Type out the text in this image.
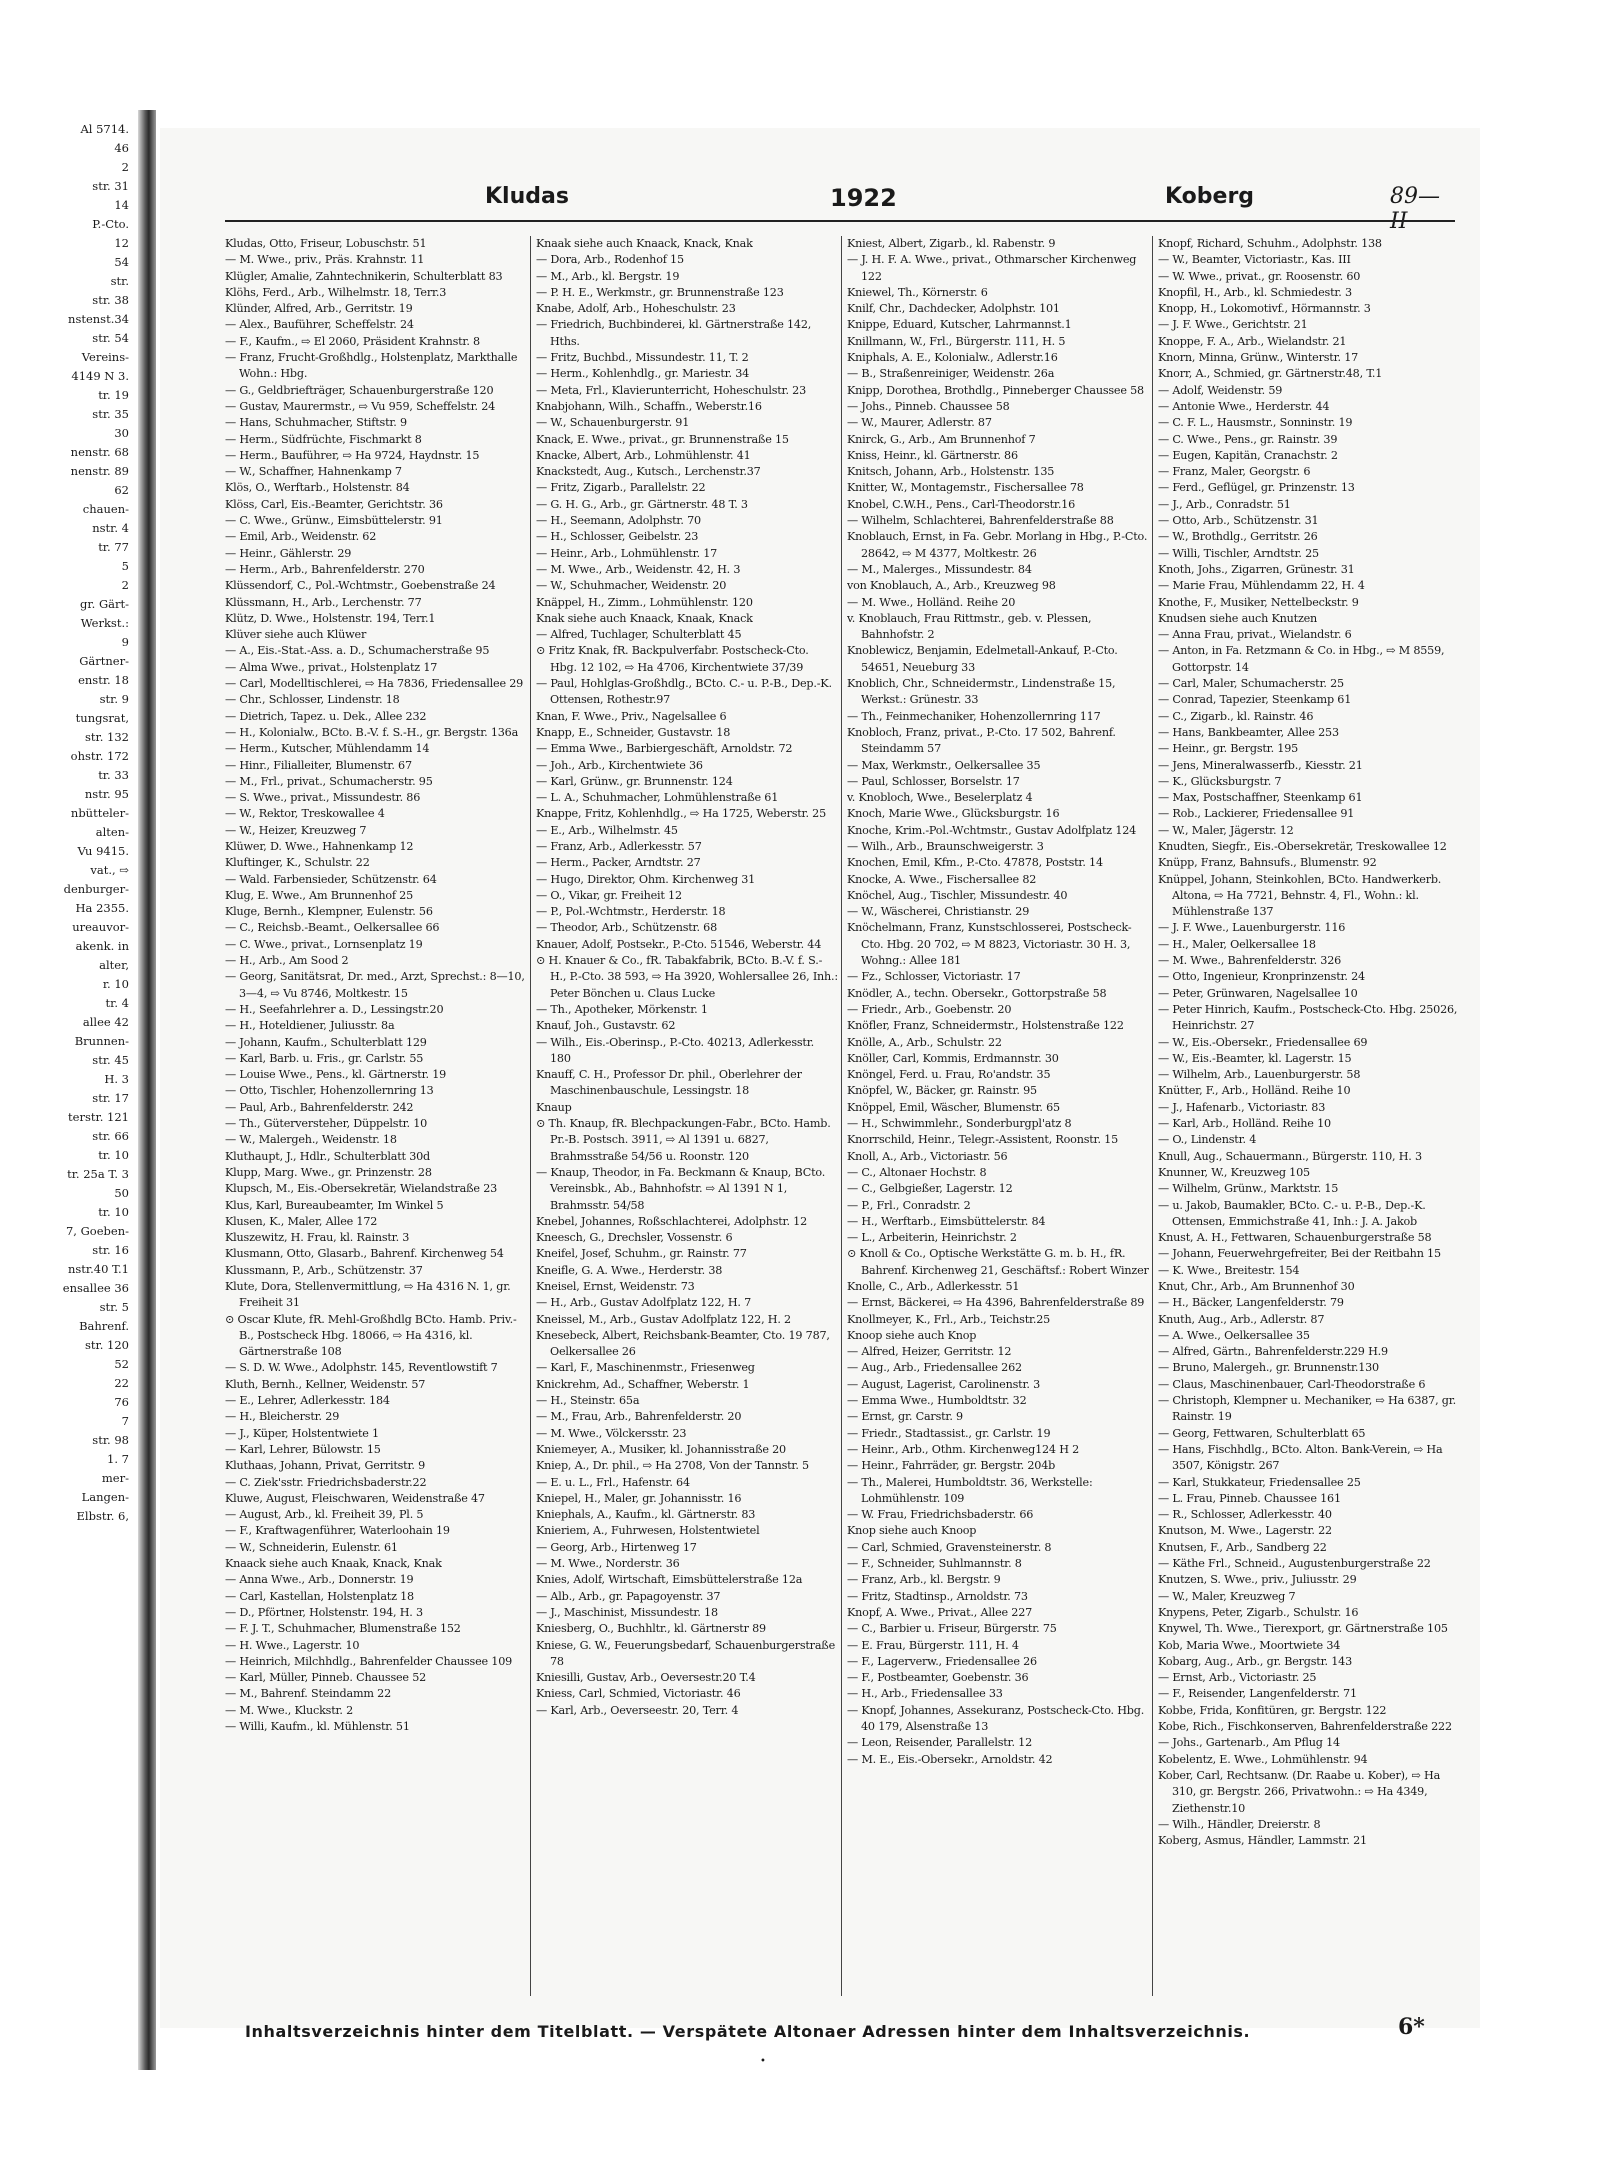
Al 5714.
46
2
str. 31
14
P.-Cto.
12
54
str.
str. 38
nstenst.34
str. 54
Vereins-
4149 N 3.
tr. 19
str. 35
30
nenstr. 68
nenstr. 89
62
chauen-
nstr. 4
tr. 77
5
2
gr. Gärt-
Werkst.:
9
Gärtner-
enstr. 18
str. 9
tungsrat,
str. 132
ohstr. 172
tr. 33
nstr. 95
nbütteler-
alten-
Vu 9415.
vat., ⇨
denburger-
Ha 2355.
ureauvor-
akenk. in
alter,
r. 10
tr. 4
allee 42
Brunnen-
str. 45
H. 3
str. 17
terstr. 121
str. 66
tr. 10
tr. 25a T. 3
50
tr. 10
7, Goeben-
str. 16
nstr.40 T.1
ensallee 36
str. 5
Bahrenf.
str. 120
52
22
76
7
str. 98
1. 7
mer-
Langen-
Elbstr. 6,
Kludas	1922	Koberg	89—II

Kludas, Otto, Friseur, Lobuschstr. 51

— M. Wwe., priv., Präs. Krahnstr. 11

Klügler, Amalie, Zahntechnikerin, Schulterblatt 83

Klöhs, Ferd., Arb., Wilhelmstr. 18, Terr.3

Klünder, Alfred, Arb., Gerritstr. 19

— Alex., Bauführer, Scheffelstr. 24

— F., Kaufm., ⇨ El 2060, Präsident Krahnstr. 8

— Franz, Frucht-Großhdlg., Holstenplatz, Markthalle Wohn.: Hbg.

— G., Geldbriefträger, Schauenburgerstraße 120

— Gustav, Maurermstr., ⇨ Vu 959, Scheffelstr. 24

— Hans, Schuhmacher, Stiftstr. 9

— Herm., Südfrüchte, Fischmarkt 8

— Herm., Bauführer, ⇨ Ha 9724, Haydnstr. 15

— W., Schaffner, Hahnenkamp 7

Klös, O., Werftarb., Holstenstr. 84

Klöss, Carl, Eis.-Beamter, Gerichtstr. 36

— C. Wwe., Grünw., Eimsbüttelerstr. 91

— Emil, Arb., Weidenstr. 62

— Heinr., Gählerstr. 29

— Herm., Arb., Bahrenfelderstr. 270

Klüssendorf, C., Pol.-Wchtmstr., Goebenstraße 24

Klüssmann, H., Arb., Lerchenstr. 77

Klütz, D. Wwe., Holstenstr. 194, Terr.1

Klüver siehe auch Klüwer

— A., Eis.-Stat.-Ass. a. D., Schumacherstraße 95

— Alma Wwe., privat., Holstenplatz 17

— Carl, Modelltischlerei, ⇨ Ha 7836, Friedensallee 29

— Chr., Schlosser, Lindenstr. 18

— Dietrich, Tapez. u. Dek., Allee 232

— H., Kolonialw., BCto. B.-V. f. S.-H., gr. Bergstr. 136a

— Herm., Kutscher, Mühlendamm 14

— Hinr., Filialleiter, Blumenstr. 67

— M., Frl., privat., Schumacherstr. 95

— S. Wwe., privat., Missundestr. 86

— W., Rektor, Treskowallee 4

— W., Heizer, Kreuzweg 7

Klüwer, D. Wwe., Hahnenkamp 12

Kluftinger, K., Schulstr. 22

— Wald. Farbensieder, Schützenstr. 64

Klug, E. Wwe., Am Brunnenhof 25

Kluge, Bernh., Klempner, Eulenstr. 56

— C., Reichsb.-Beamt., Oelkersallee 66

— C. Wwe., privat., Lornsenplatz 19

— H., Arb., Am Sood 2

— Georg, Sanitätsrat, Dr. med., Arzt, Sprechst.: 8—10, 3—4, ⇨ Vu 8746, Moltkestr. 15

— H., Seefahrlehrer a. D., Lessingstr.20

— H., Hoteldiener, Juliusstr. 8a

— Johann, Kaufm., Schulterblatt 129

— Karl, Barb. u. Fris., gr. Carlstr. 55

— Louise Wwe., Pens., kl. Gärtnerstr. 19

— Otto, Tischler, Hohenzollernring 13

— Paul, Arb., Bahrenfelderstr. 242

— Th., Güterversteher, Düppelstr. 10

— W., Malergeh., Weidenstr. 18

Kluthaupt, J., Hdlr., Schulterblatt 30d

Klupp, Marg. Wwe., gr. Prinzenstr. 28

Klupsch, M., Eis.-Obersekretär, Wielandstraße 23

Klus, Karl, Bureaubeamter, Im Winkel 5

Klusen, K., Maler, Allee 172

Kluszewitz, H. Frau, kl. Rainstr. 3

Klusmann, Otto, Glasarb., Bahrenf. Kirchenweg 54

Klussmann, P., Arb., Schützenstr. 37

Klute, Dora, Stellenvermittlung, ⇨ Ha 4316 N. 1, gr. Freiheit 31

⊙ Oscar Klute, fR. Mehl-Großhdlg BCto. Hamb. Priv.-B., Postscheck Hbg. 18066, ⇨ Ha 4316, kl. Gärtnerstraße 108

— S. D. W. Wwe., Adolphstr. 145, Reventlowstift 7

Kluth, Bernh., Kellner, Weidenstr. 57

— E., Lehrer, Adlerkesstr. 184

— H., Bleicherstr. 29

— J., Küper, Holstentwiete 1

— Karl, Lehrer, Bülowstr. 15

Kluthaas, Johann, Privat, Gerritstr. 9

— C. Ziek'sstr. Friedrichsbaderstr.22

Kluwe, August, Fleischwaren, Weidenstraße 47

— August, Arb., kl. Freiheit 39, Pl. 5

— F., Kraftwagenführer, Waterloohain 19

— W., Schneiderin, Eulenstr. 61

Knaack siehe auch Knaak, Knack, Knak

— Anna Wwe., Arb., Donnerstr. 19

— Carl, Kastellan, Holstenplatz 18

— D., Pförtner, Holstenstr. 194, H. 3

— F. J. T., Schuhmacher, Blumenstraße 152

— H. Wwe., Lagerstr. 10

— Heinrich, Milchhdlg., Bahrenfelder Chaussee 109

— Karl, Müller, Pinneb. Chaussee 52

— M., Bahrenf. Steindamm 22

— M. Wwe., Kluckstr. 2

— Willi, Kaufm., kl. Mühlenstr. 51

Knaak siehe auch Knaack, Knack, Knak

— Dora, Arb., Rodenhof 15

— M., Arb., kl. Bergstr. 19

— P. H. E., Werkmstr., gr. Brunnenstraße 123

Knabe, Adolf, Arb., Hoheschulstr. 23

— Friedrich, Buchbinderei, kl. Gärtnerstraße 142, Hths.

— Fritz, Buchbd., Missundestr. 11, T. 2

— Herm., Kohlenhdlg., gr. Mariestr. 34

— Meta, Frl., Klavierunterricht, Hoheschulstr. 23

Knabjohann, Wilh., Schaffn., Weberstr.16

— W., Schauenburgerstr. 91

Knack, E. Wwe., privat., gr. Brunnenstraße 15

Knacke, Albert, Arb., Lohmühlenstr. 41

Knackstedt, Aug., Kutsch., Lerchenstr.37

— Fritz, Zigarb., Parallelstr. 22

— G. H. G., Arb., gr. Gärtnerstr. 48 T. 3

— H., Seemann, Adolphstr. 70

— H., Schlosser, Geibelstr. 23

— Heinr., Arb., Lohmühlenstr. 17

— M. Wwe., Arb., Weidenstr. 42, H. 3

— W., Schuhmacher, Weidenstr. 20

Knäppel, H., Zimm., Lohmühlenstr. 120

Knak siehe auch Knaack, Knaak, Knack

— Alfred, Tuchlager, Schulterblatt 45

⊙ Fritz Knak, fR. Backpulverfabr. Postscheck-Cto. Hbg. 12 102, ⇨ Ha 4706, Kirchentwiete 37/39

— Paul, Hohlglas-Großhdlg., BCto. C.- u. P.-B., Dep.-K. Ottensen, Rothestr.97

Knan, F. Wwe., Priv., Nagelsallee 6

Knapp, E., Schneider, Gustavstr. 18

— Emma Wwe., Barbiergeschäft, Arnoldstr. 72

— Joh., Arb., Kirchentwiete 36

— Karl, Grünw., gr. Brunnenstr. 124

— L. A., Schuhmacher, Lohmühlenstraße 61

Knappe, Fritz, Kohlenhdlg., ⇨ Ha 1725, Weberstr. 25

— E., Arb., Wilhelmstr. 45

— Franz, Arb., Adlerkesstr. 57

— Herm., Packer, Arndtstr. 27

— Hugo, Direktor, Ohm. Kirchenweg 31

— O., Vikar, gr. Freiheit 12

— P., Pol.-Wchtmstr., Herderstr. 18

— Theodor, Arb., Schützenstr. 68

Knauer, Adolf, Postsekr., P.-Cto. 51546, Weberstr. 44

⊙ H. Knauer & Co., fR. Tabakfabrik, BCto. B.-V. f. S.-H., P.-Cto. 38 593, ⇨ Ha 3920, Wohlersallee 26, Inh.: Peter Bönchen u. Claus Lucke

— Th., Apotheker, Mörkenstr. 1

Knauf, Joh., Gustavstr. 62

— Wilh., Eis.-Oberinsp., P.-Cto. 40213, Adlerkesstr. 180

Knauff, C. H., Professor Dr. phil., Oberlehrer der Maschinenbauschule, Lessingstr. 18

Knaup

⊙ Th. Knaup, fR. Blechpackungen-Fabr., BCto. Hamb. Pr.-B. Postsch. 3911, ⇨ Al 1391 u. 6827, Brahmsstraße 54/56 u. Roonstr. 120

— Knaup, Theodor, in Fa. Beckmann & Knaup, BCto. Vereinsbk., Ab., Bahnhofstr. ⇨ Al 1391 N 1, Brahmsstr. 54/58

Knebel, Johannes, Roßschlachterei, Adolphstr. 12

Kneesch, G., Drechsler, Vossenstr. 6

Kneifel, Josef, Schuhm., gr. Rainstr. 77

Kneifle, G. A. Wwe., Herderstr. 38

Kneisel, Ernst, Weidenstr. 73

— H., Arb., Gustav Adolfplatz 122, H. 7

Kneissel, M., Arb., Gustav Adolfplatz 122, H. 2

Knesebeck, Albert, Reichsbank-Beamter, Cto. 19 787, Oelkersallee 26

— Karl, F., Maschinenmstr., Friesenweg

Knickrehm, Ad., Schaffner, Weberstr. 1

— H., Steinstr. 65a

— M., Frau, Arb., Bahrenfelderstr. 20

— M. Wwe., Völckersstr. 23

Kniemeyer, A., Musiker, kl. Johannisstraße 20

Kniep, A., Dr. phil., ⇨ Ha 2708, Von der Tannstr. 5

— E. u. L., Frl., Hafenstr. 64

Kniepel, H., Maler, gr. Johannisstr. 16

Kniephals, A., Kaufm., kl. Gärtnerstr. 83

Knieriem, A., Fuhrwesen, Holstentwietel

— Georg, Arb., Hirtenweg 17

— M. Wwe., Norderstr. 36

Knies, Adolf, Wirtschaft, Eimsbüttelerstraße 12a

— Alb., Arb., gr. Papagoyenstr. 37

— J., Maschinist, Missundestr. 18

Kniesberg, O., Buchhltr., kl. Gärtnerstr 89

Kniese, G. W., Feuerungsbedarf, Schauenburgerstraße 78

Kniesilli, Gustav, Arb., Oeversestr.20 T.4

Kniess, Carl, Schmied, Victoriastr. 46

— Karl, Arb., Oeverseestr. 20, Terr. 4

Kniest, Albert, Zigarb., kl. Rabenstr. 9

— J. H. F. A. Wwe., privat., Othmarscher Kirchenweg 122

Kniewel, Th., Körnerstr. 6

Knilf, Chr., Dachdecker, Adolphstr. 101

Knippe, Eduard, Kutscher, Lahrmannst.1

Knillmann, W., Frl., Bürgerstr. 111, H. 5

Kniphals, A. E., Kolonialw., Adlerstr.16

— B., Straßenreiniger, Weidenstr. 26a

Knipp, Dorothea, Brothdlg., Pinneberger Chaussee 58

— Johs., Pinneb. Chaussee 58

— W., Maurer, Adlerstr. 87

Knirck, G., Arb., Am Brunnenhof 7

Kniss, Heinr., kl. Gärtnerstr. 86

Knitsch, Johann, Arb., Holstenstr. 135

Knitter, W., Montagemstr., Fischersallee 78

Knobel, C.W.H., Pens., Carl-Theodorstr.16

— Wilhelm, Schlachterei, Bahrenfelderstraße 88

Knoblauch, Ernst, in Fa. Gebr. Morlang in Hbg., P.-Cto. 28642, ⇨ M 4377, Moltkestr. 26

— M., Malerges., Missundestr. 84

von Knoblauch, A., Arb., Kreuzweg 98

— M. Wwe., Holländ. Reihe 20

v. Knoblauch, Frau Rittmstr., geb. v. Plessen, Bahnhofstr. 2

Knoblewicz, Benjamin, Edelmetall-Ankauf, P.-Cto. 54651, Neueburg 33

Knoblich, Chr., Schneidermstr., Lindenstraße 15, Werkst.: Grünestr. 33

— Th., Feinmechaniker, Hohenzollernring 117

Knobloch, Franz, privat., P.-Cto. 17 502, Bahrenf. Steindamm 57

— Max, Werkmstr., Oelkersallee 35

— Paul, Schlosser, Borselstr. 17

v. Knobloch, Wwe., Beselerplatz 4

Knoch, Marie Wwe., Glücksburgstr. 16

Knoche, Krim.-Pol.-Wchtmstr., Gustav Adolfplatz 124

— Wilh., Arb., Braunschweigerstr. 3

Knochen, Emil, Kfm., P.-Cto. 47878, Poststr. 14

Knocke, A. Wwe., Fischersallee 82

Knöchel, Aug., Tischler, Missundestr. 40

— W., Wäscherei, Christianstr. 29

Knöchelmann, Franz, Kunstschlosserei, Postscheck-Cto. Hbg. 20 702, ⇨ M 8823, Victoriastr. 30 H. 3, Wohng.: Allee 181

— Fz., Schlosser, Victoriastr. 17

Knödler, A., techn. Obersekr., Gottorpstraße 58

— Friedr., Arb., Goebenstr. 20

Knöfler, Franz, Schneidermstr., Holstenstraße 122

Knölle, A., Arb., Schulstr. 22

Knöller, Carl, Kommis, Erdmannstr. 30

Knöngel, Ferd. u. Frau, Ro'andstr. 35

Knöpfel, W., Bäcker, gr. Rainstr. 95

Knöppel, Emil, Wäscher, Blumenstr. 65

— H., Schwimmlehr., Sonderburgpl'atz 8

Knorrschild, Heinr., Telegr.-Assistent, Roonstr. 15

Knoll, A., Arb., Victoriastr. 56

— C., Altonaer Hochstr. 8

— C., Gelbgießer, Lagerstr. 12

— P., Frl., Conradstr. 2

— H., Werftarb., Eimsbüttelerstr. 84

— L., Arbeiterin, Heinrichstr. 2

⊙ Knoll & Co., Optische Werkstätte G. m. b. H., fR. Bahrenf. Kirchenweg 21, Geschäftsf.: Robert Winzer

Knolle, C., Arb., Adlerkesstr. 51

— Ernst, Bäckerei, ⇨ Ha 4396, Bahrenfelderstraße 89

Knollmeyer, K., Frl., Arb., Teichstr.25

Knoop siehe auch Knop

— Alfred, Heizer, Gerritstr. 12

— Aug., Arb., Friedensallee 262

— August, Lagerist, Carolinenstr. 3

— Emma Wwe., Humboldtstr. 32

— Ernst, gr. Carstr. 9

— Friedr., Stadtassist., gr. Carlstr. 19

— Heinr., Arb., Othm. Kirchenweg124 H 2

— Heinr., Fahrräder, gr. Bergstr. 204b

— Th., Malerei, Humboldtstr. 36, Werkstelle: Lohmühlenstr. 109

— W. Frau, Friedrichsbaderstr. 66

Knop siehe auch Knoop

— Carl, Schmied, Gravensteinerstr. 8

— F., Schneider, Suhlmannstr. 8

— Franz, Arb., kl. Bergstr. 9

— Fritz, Stadtinsp., Arnoldstr. 73

Knopf, A. Wwe., Privat., Allee 227

— C., Barbier u. Friseur, Bürgerstr. 75

— E. Frau, Bürgerstr. 111, H. 4

— F., Lagerverw., Friedensallee 26

— F., Postbeamter, Goebenstr. 36

— H., Arb., Friedensallee 33

— Knopf, Johannes, Assekuranz, Postscheck-Cto. Hbg. 40 179, Alsenstraße 13

— Leon, Reisender, Parallelstr. 12

— M. E., Eis.-Obersekr., Arnoldstr. 42

Inhaltsverzeichnis hinter dem Titelblatt. — Verspätete Altonaer Adressen hinter dem Inhaltsverzeichnis.
•

Knopf, Richard, Schuhm., Adolphstr. 138

— W., Beamter, Victoriastr., Kas. III

— W. Wwe., privat., gr. Roosenstr. 60

Knopfil, H., Arb., kl. Schmiedestr. 3

Knopp, H., Lokomotivf., Hörmannstr. 3

— J. F. Wwe., Gerichtstr. 21

Knoppe, F. A., Arb., Wielandstr. 21

Knorn, Minna, Grünw., Winterstr. 17

Knorr, A., Schmied, gr. Gärtnerstr.48, T.1

— Adolf, Weidenstr. 59

— Antonie Wwe., Herderstr. 44

— C. F. L., Hausmstr., Sonninstr. 19

— C. Wwe., Pens., gr. Rainstr. 39

— Eugen, Kapitän, Cranachstr. 2

— Franz, Maler, Georgstr. 6

— Ferd., Geflügel, gr. Prinzenstr. 13

— J., Arb., Conradstr. 51

— Otto, Arb., Schützenstr. 31

— W., Brothdlg., Gerritstr. 26

— Willi, Tischler, Arndtstr. 25

Knoth, Johs., Zigarren, Grünestr. 31

— Marie Frau, Mühlendamm 22, H. 4

Knothe, F., Musiker, Nettelbeckstr. 9

Knudsen siehe auch Knutzen

— Anna Frau, privat., Wielandstr. 6

— Anton, in Fa. Retzmann & Co. in Hbg., ⇨ M 8559, Gottorpstr. 14

— Carl, Maler, Schumacherstr. 25

— Conrad, Tapezier, Steenkamp 61

— C., Zigarb., kl. Rainstr. 46

— Hans, Bankbeamter, Allee 253

— Heinr., gr. Bergstr. 195

— Jens, Mineralwasserfb., Kiesstr. 21

— K., Glücksburgstr. 7

— Max, Postschaffner, Steenkamp 61

— Rob., Lackierer, Friedensallee 91

— W., Maler, Jägerstr. 12

Knudten, Siegfr., Eis.-Obersekretär, Treskowallee 12

Knüpp, Franz, Bahnsufs., Blumenstr. 92

Knüppel, Johann, Steinkohlen, BCto. Handwerkerb. Altona, ⇨ Ha 7721, Behnstr. 4, Fl., Wohn.: kl. Mühlenstraße 137

— J. F. Wwe., Lauenburgerstr. 116

— H., Maler, Oelkersallee 18

— M. Wwe., Bahrenfelderstr. 326

— Otto, Ingenieur, Kronprinzenstr. 24

— Peter, Grünwaren, Nagelsallee 10

— Peter Hinrich, Kaufm., Postscheck-Cto. Hbg. 25026, Heinrichstr. 27

— W., Eis.-Obersekr., Friedensallee 69

— W., Eis.-Beamter, kl. Lagerstr. 15

— Wilhelm, Arb., Lauenburgerstr. 58

Knütter, F., Arb., Holländ. Reihe 10

— J., Hafenarb., Victoriastr. 83

— Karl, Arb., Holländ. Reihe 10

— O., Lindenstr. 4

Knull, Aug., Schauermann., Bürgerstr. 110, H. 3

Knunner, W., Kreuzweg 105

— Wilhelm, Grünw., Marktstr. 15

— u. Jakob, Baumakler, BCto. C.- u. P.-B., Dep.-K. Ottensen, Emmichstraße 41, Inh.: J. A. Jakob

Knust, A. H., Fettwaren, Schauenburgerstraße 58

— Johann, Feuerwehrgefreiter, Bei der Reitbahn 15

— K. Wwe., Breitestr. 154

Knut, Chr., Arb., Am Brunnenhof 30

— H., Bäcker, Langenfelderstr. 79

Knuth, Aug., Arb., Adlerstr. 87

— A. Wwe., Oelkersallee 35

— Alfred, Gärtn., Bahrenfelderstr.229 H.9

— Bruno, Malergeh., gr. Brunnenstr.130

— Claus, Maschinenbauer, Carl-Theodorstraße 6

— Christoph, Klempner u. Mechaniker, ⇨ Ha 6387, gr. Rainstr. 19

— Georg, Fettwaren, Schulterblatt 65

— Hans, Fischhdlg., BCto. Alton. Bank-Verein, ⇨ Ha 3507, Königstr. 267

— Karl, Stukkateur, Friedensallee 25

— L. Frau, Pinneb. Chaussee 161

— R., Schlosser, Adlerkesstr. 40

Knutson, M. Wwe., Lagerstr. 22

Knutsen, F., Arb., Sandberg 22

— Käthe Frl., Schneid., Augustenburgerstraße 22

Knutzen, S. Wwe., priv., Juliusstr. 29

— W., Maler, Kreuzweg 7

Knypens, Peter, Zigarb., Schulstr. 16

Knywel, Th. Wwe., Tierexport, gr. Gärtnerstraße 105

Kob, Maria Wwe., Moortwiete 34

Kobarg, Aug., Arb., gr. Bergstr. 143

— Ernst, Arb., Victoriastr. 25

— F., Reisender, Langenfelderstr. 71

Kobbe, Frida, Konfitüren, gr. Bergstr. 122

Kobe, Rich., Fischkonserven, Bahrenfelderstraße 222

— Johs., Gartenarb., Am Pflug 14

Kobelentz, E. Wwe., Lohmühlenstr. 94

Kober, Carl, Rechtsanw. (Dr. Raabe u. Kober), ⇨ Ha 310, gr. Bergstr. 266, Privatwohn.: ⇨ Ha 4349, Ziethenstr.10

— Wilh., Händler, Dreierstr. 8

Koberg, Asmus, Händler, Lammstr. 21

6*
